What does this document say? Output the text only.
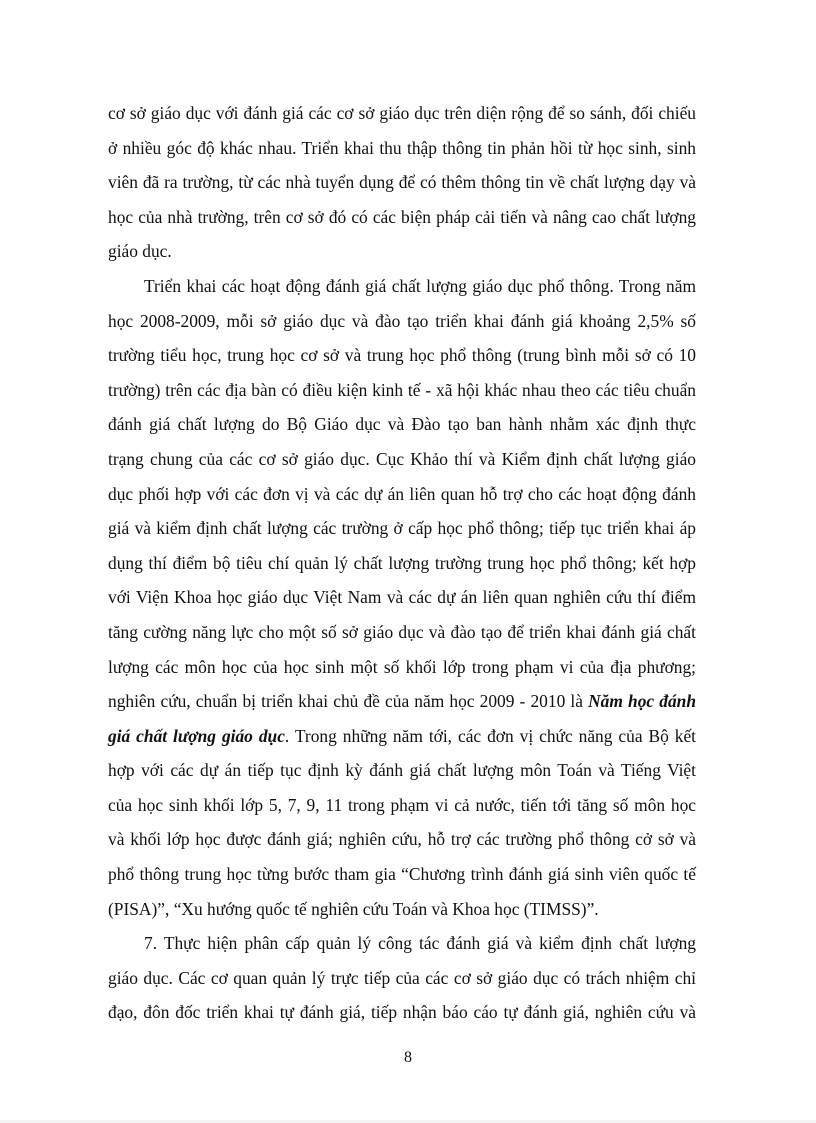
cơ sở giáo dục với đánh giá các cơ sở giáo dục trên diện rộng để so sánh, đối chiếu
ở nhiều góc độ khác nhau. Triển khai thu thập thông tin phản hồi từ học sinh, sinh
viên đã ra trường, từ các nhà tuyển dụng để có thêm thông tin về chất lượng dạy và
học của nhà trường, trên cơ sở đó có các biện pháp cải tiến và nâng cao chất lượng
giáo dục.
Triển khai các hoạt động đánh giá chất lượng giáo dục phổ thông. Trong năm
học 2008-2009, mỗi sở giáo dục và đào tạo triển khai đánh giá khoảng 2,5% số
trường tiểu học, trung học cơ sở và trung học phổ thông (trung bình mỗi sở có 10
trường) trên các địa bàn có điều kiện kinh tế - xã hội khác nhau theo các tiêu chuẩn
đánh giá chất lượng do Bộ Giáo dục và Đào tạo ban hành nhằm xác định thực
trạng chung của các cơ sở giáo dục. Cục Khảo thí và Kiểm định chất lượng giáo
dục phối hợp với các đơn vị và các dự án liên quan hỗ trợ cho các hoạt động đánh
giá và kiểm định chất lượng các trường ở cấp học phổ thông; tiếp tục triển khai áp
dụng thí điểm bộ tiêu chí quản lý chất lượng trường trung học phổ thông; kết hợp
với Viện Khoa học giáo dục Việt Nam và các dự án liên quan nghiên cứu thí điểm
tăng cường năng lực cho một số sở giáo dục và đào tạo để triển khai đánh giá chất
lượng các môn học của học sinh một số khối lớp trong phạm vi của địa phương;
nghiên cứu, chuẩn bị triển khai chủ đề của năm học 2009 - 2010 là Năm học đánh
giá chất lượng giáo dục. Trong những năm tới, các đơn vị chức năng của Bộ kết
hợp với các dự án tiếp tục định kỳ đánh giá chất lượng môn Toán và Tiếng Việt
của học sinh khối lớp 5, 7, 9, 11 trong phạm vi cả nước, tiến tới tăng số môn học
và khối lớp học được đánh giá; nghiên cứu, hỗ trợ các trường phổ thông cở sở và
phổ thông trung học từng bước tham gia “Chương trình đánh giá sinh viên quốc tế
(PISA)”, “Xu hướng quốc tế nghiên cứu Toán và Khoa học (TIMSS)”.
7. Thực hiện phân cấp quản lý công tác đánh giá và kiểm định chất lượng
giáo dục. Các cơ quan quản lý trực tiếp của các cơ sở giáo dục có trách nhiệm chỉ
đạo, đôn đốc triển khai tự đánh giá, tiếp nhận báo cáo tự đánh giá, nghiên cứu và
8
